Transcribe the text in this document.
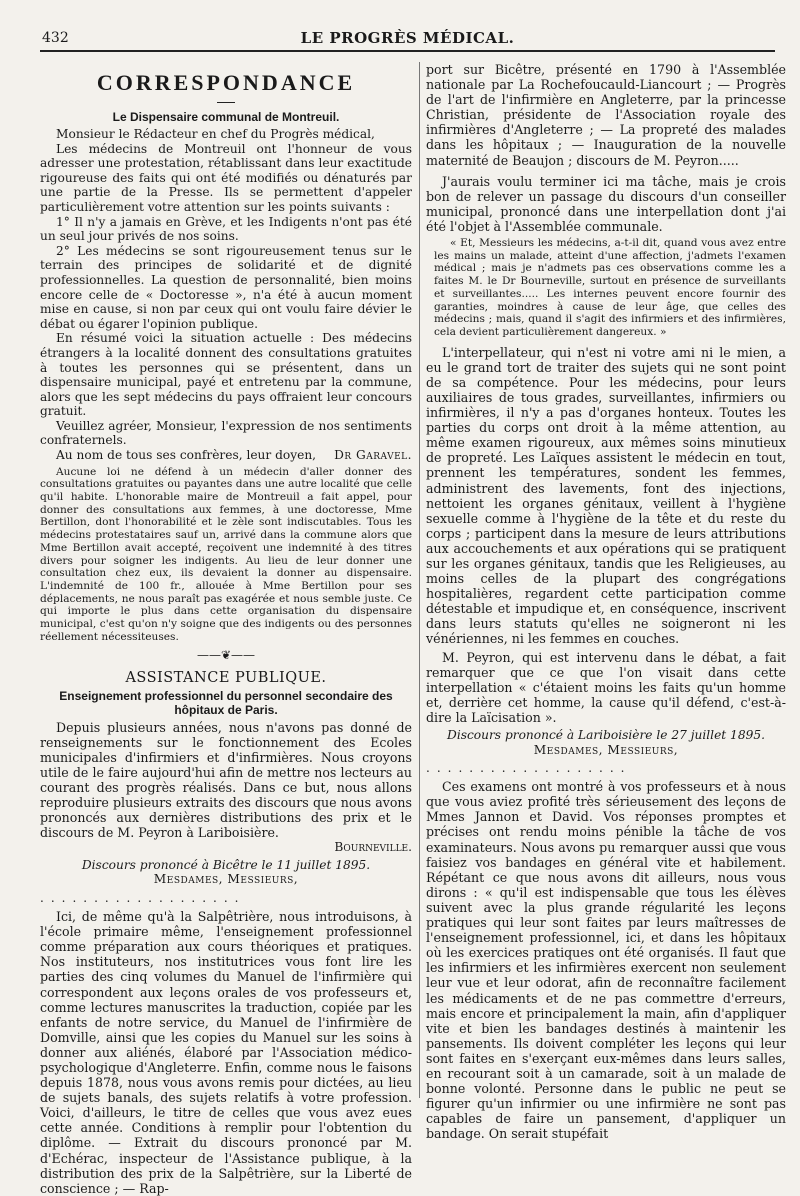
432	LE PROGRÈS MÉDICAL.
CORRESPONDANCE
Le Dispensaire communal de Montreuil.

Monsieur le Rédacteur en chef du Progrès médical,

Les médecins de Montreuil ont l'honneur de vous adresser une protestation, rétablissant dans leur exactitude rigoureuse des faits qui ont été modifiés ou dénaturés par une partie de la Presse. Ils se permettent d'appeler particulièrement votre attention sur les points suivants :

1° Il n'y a jamais en Grève, et les Indigents n'ont pas été un seul jour privés de nos soins.

2° Les médecins se sont rigoureusement tenus sur le terrain des principes de solidarité et de dignité professionnelles. La question de personnalité, bien moins encore celle de « Doctoresse », n'a été à aucun moment mise en cause, si non par ceux qui ont voulu faire dévier le débat ou égarer l'opinion publique.

En résumé voici la situation actuelle : Des médecins étrangers à la localité donnent des consultations gratuites à toutes les personnes qui se présentent, dans un dispensaire municipal, payé et entretenu par la commune, alors que les sept médecins du pays offraient leur concours gratuit.

Veuillez agréer, Monsieur, l'expression de nos sentiments confraternels.

Au nom de tous ses confrères, leur doyen,	Dr Garavel.

Aucune loi ne défend à un médecin d'aller donner des consultations gratuites ou payantes dans une autre localité que celle qu'il habite. L'honorable maire de Montreuil a fait appel, pour donner des consultations aux femmes, à une doctoresse, Mme Bertillon, dont l'honorabilité et le zèle sont indiscutables. Tous les médecins protestataires sauf un, arrivé dans la commune alors que Mme Bertillon avait accepté, reçoivent une indemnité à des titres divers pour soigner les indigents. Au lieu de leur donner une consultation chez eux, ils devaient la donner au dispensaire. L'indemnité de 100 fr., allouée à Mme Bertillon pour ses déplacements, ne nous paraît pas exagérée et nous semble juste. Ce qui importe le plus dans cette organisation du dispensaire municipal, c'est qu'on n'y soigne que des indigents ou des personnes réellement nécessiteuses.

——❦——
ASSISTANCE PUBLIQUE.
Enseignement professionnel du personnel secondaire des hôpitaux de Paris.

Depuis plusieurs années, nous n'avons pas donné de renseignements sur le fonctionnement des Ecoles municipales d'infirmiers et d'infirmières. Nous croyons utile de le faire aujourd'hui afin de mettre nos lecteurs au courant des progrès réalisés. Dans ce but, nous allons reproduire plusieurs extraits des discours que nous avons prononcés aux dernières distributions des prix et le discours de M. Peyron à Lariboisière.

Bourneville.

Discours prononcé à Bicêtre le 11 juillet 1895.

Mesdames, Messieurs,

...................

Ici, de même qu'à la Salpêtrière, nous introduisons, à l'école primaire même, l'enseignement professionnel comme préparation aux cours théoriques et pratiques. Nos instituteurs, nos institutrices vous font lire les parties des cinq volumes du Manuel de l'infirmière qui correspondent aux leçons orales de vos professeurs et, comme lectures manuscrites la traduction, copiée par les enfants de notre service, du Manuel de l'infirmière de Domville, ainsi que les copies du Manuel sur les soins à donner aux aliénés, élaboré par l'Association médico-psychologique d'Angleterre. Enfin, comme nous le faisons depuis 1878, nous vous avons remis pour dictées, au lieu de sujets banals, des sujets relatifs à votre profession. Voici, d'ailleurs, le titre de celles que vous avez eues cette année. Conditions à remplir pour l'obtention du diplôme. — Extrait du discours prononcé par M. d'Echérac, inspecteur de l'Assistance publique, à la distribution des prix de la Salpêtrière, sur la Liberté de conscience ; — Rap-

port sur Bicêtre, présenté en 1790 à l'Assemblée nationale par La Rochefoucauld-Liancourt ; — Progrès de l'art de l'infirmière en Angleterre, par la princesse Christian, présidente de l'Association royale des infirmières d'Angleterre ; — La propreté des malades dans les hôpitaux ; — Inauguration de la nouvelle maternité de Beaujon ; discours de M. Peyron.....

J'aurais voulu terminer ici ma tâche, mais je crois bon de relever un passage du discours d'un conseiller municipal, prononcé dans une interpellation dont j'ai été l'objet à l'Assemblée communale.

« Et, Messieurs les médecins, a-t-il dit, quand vous avez entre les mains un malade, atteint d'une affection, j'admets l'examen médical ; mais je n'admets pas ces observations comme les a faites M. le Dr Bourneville, surtout en présence de surveillants et surveillantes..... Les internes peuvent encore fournir des garanties, moindres à cause de leur âge, que celles des médecins ; mais, quand il s'agit des infirmiers et des infirmières, cela devient particulièrement dangereux. »

L'interpellateur, qui n'est ni votre ami ni le mien, a eu le grand tort de traiter des sujets qui ne sont point de sa compétence. Pour les médecins, pour leurs auxiliaires de tous grades, surveillantes, infirmiers ou infirmières, il n'y a pas d'organes honteux. Toutes les parties du corps ont droit à la même attention, au même examen rigoureux, aux mêmes soins minutieux de propreté. Les Laïques assistent le médecin en tout, prennent les températures, sondent les femmes, administrent des lavements, font des injections, nettoient les organes génitaux, veillent à l'hygiène sexuelle comme à l'hygiène de la tête et du reste du corps ; participent dans la mesure de leurs attributions aux accouchements et aux opérations qui se pratiquent sur les organes génitaux, tandis que les Religieuses, au moins celles de la plupart des congrégations hospitalières, regardent cette participation comme détestable et impudique et, en conséquence, inscrivent dans leurs statuts qu'elles ne soigneront ni les vénériennes, ni les femmes en couches.

M. Peyron, qui est intervenu dans le débat, a fait remarquer que ce que l'on visait dans cette interpellation « c'étaient moins les faits qu'un homme et, derrière cet homme, la cause qu'il défend, c'est-à-dire la Laïcisation ».

Discours prononcé à Lariboisière le 27 juillet 1895.

Mesdames, Messieurs,

...................

Ces examens ont montré à vos professeurs et à nous que vous aviez profité très sérieusement des leçons de Mmes Jannon et David. Vos réponses promptes et précises ont rendu moins pénible la tâche de vos examinateurs. Nous avons pu remarquer aussi que vous faisiez vos bandages en général vite et habilement. Répétant ce que nous avons dit ailleurs, nous vous dirons : « qu'il est indispensable que tous les élèves suivent avec la plus grande régularité les leçons pratiques qui leur sont faites par leurs maîtresses de l'enseignement professionnel, ici, et dans les hôpitaux où les exercices pratiques ont été organisés. Il faut que les infirmiers et les infirmières exercent non seulement leur vue et leur odorat, afin de reconnaître facilement les médicaments et de ne pas commettre d'erreurs, mais encore et principalement la main, afin d'appliquer vite et bien les bandages destinés à maintenir les pansements. Ils doivent compléter les leçons qui leur sont faites en s'exerçant eux-mêmes dans leurs salles, en recourant soit à un camarade, soit à un malade de bonne volonté. Personne dans le public ne peut se figurer qu'un infirmier ou une infirmière ne sont pas capables de faire un pansement, d'appliquer un bandage. On serait stupéfait
